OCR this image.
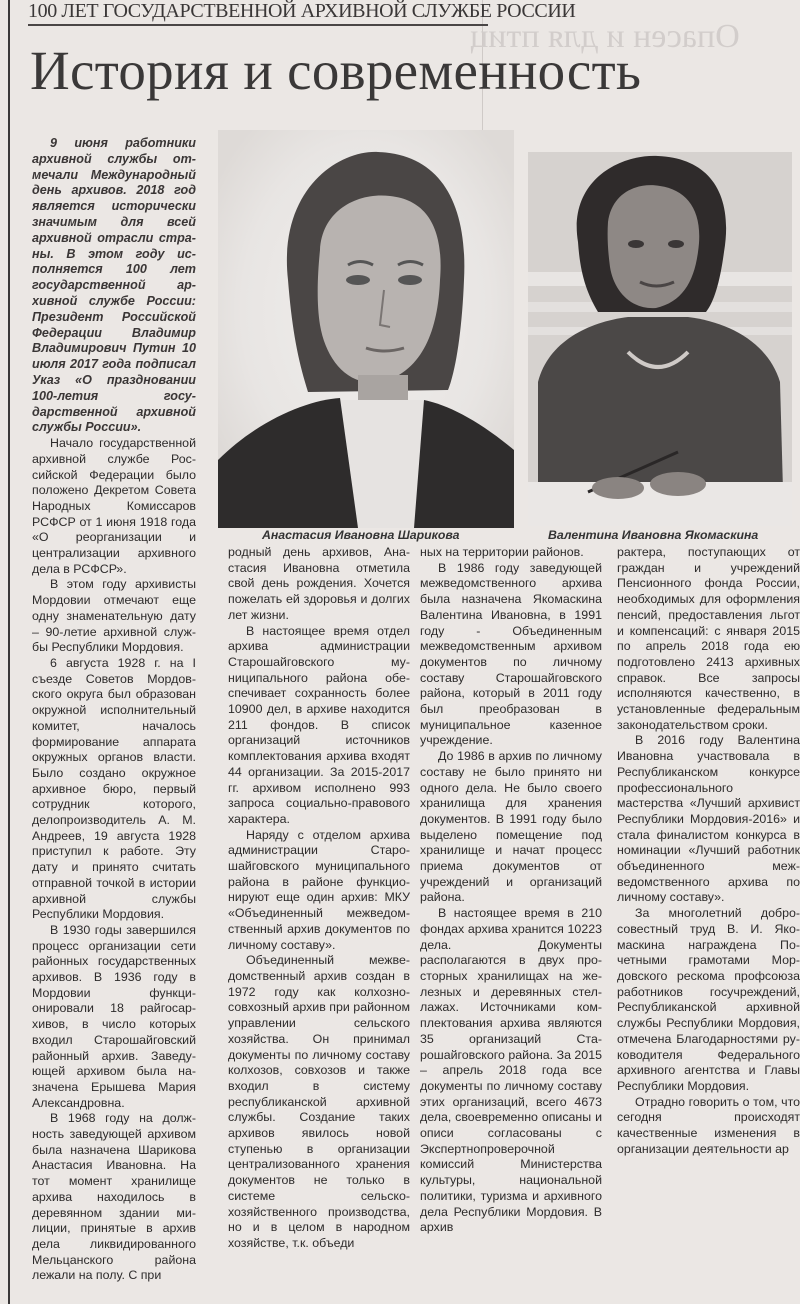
Опасен и для птиц
100 ЛЕТ ГОСУДАРСТВЕННОЙ АРХИВНОЙ СЛУЖБЕ РОССИИ
История и современность
Анастасия Ивановна Шарикова	Валентина Ивановна Якомаскина

9 июня работники архивной службы отмечали Международный день архивов. 2018 год является исторически значимым для всей архивной отрасли страны. В этом году исполняется 100 лет государственной архивной службе России: Президент Российской Федерации Владимир Владимирович Путин 10 июля 2017 года подписал Указ «О праздновании 100-летия государственной архивной службы России».

Начало государственной архивной службе Российской Федерации было положено Декретом Совета Народных Комиссаров РСФСР от 1 июня 1918 года «О реорганизации и централизации архивного дела в РСФСР».

В этом году архивисты Мордовии отмечают еще одну знаменательную дату – 90-летие архивной службы Республики Мордовия.

6 августа 1928 г. на I съезде Советов Мордовского округа был образован окружной исполнительный комитет, началось формирование аппарата окружных органов власти. Было создано окружное архивное бюро, первый сотрудник которого, делопроизводитель А. М. Андреев, 19 августа 1928 приступил к работе. Эту дату и принято считать отправной точкой в истории архивной службы Республики Мордовия.

В 1930 годы завершился процесс организации сети районных государственных архивов. В 1936 году в Мордовии функционировали 18 райгосархивов, в число которых входил Старошайговский районный архив. Заведующей архивом была назначена Ерышева Мария Александровна.

В 1968 году на должность заведующей архивом была назначена Шарикова Анастасия Ивановна. На тот момент хранилище архива находилось в деревянном здании милиции, принятые в архив дела ликвидированного Мельцанского района лежали на полу. С при

родный день архивов, Анастасия Ивановна отметила свой день рождения. Хочется пожелать ей здоровья и долгих лет жизни.

В настоящее время отдел архива администрации Старошайговского муниципального района обеспечивает сохранность более 10900 дел, в архиве находится 211 фондов. В список организаций источников комплектования архива входят 44 организации. За 2015-2017 гг. архивом исполнено 993 запроса социально-правового характера.

Наряду с отделом архива администрации Старошайговского муниципального района в районе функционируют еще один архив: МКУ «Объединенный межведомственный архив документов по личному составу».

Объединенный межведомственный архив создан в 1972 году как колхозносовхозный архив при районном управлении сельского хозяйства. Он принимал документы по личному составу колхозов, совхозов и также входил в систему республиканской архивной службы. Создание таких архивов явилось новой ступенью в организации централизованного хранения документов не только в системе сельскохозяйственного производства, но и в целом в народном хозяйстве, т.к. объеди

ных на территории районов.

В 1986 году заведующей межведомственного архива была назначена Якомаскина Валентина Ивановна, в 1991 году - Объединенным межведомственным архивом документов по личному составу Старошайговского района, который в 2011 году был преобразован в муниципальное казенное учреждение.

До 1986 в архив по личному составу не было принято ни одного дела. Не было своего хранилища для хранения документов. В 1991 году было выделено помещение под хранилище и начат процесс приема документов от учреждений и организаций района.

В настоящее время в 210 фондах архива хранится 10223 дела. Документы располагаются в двух просторных хранилищах на железных и деревянных стеллажах. Источниками комплектования архива являются 35 организаций Старошайговского района. За 2015 – апрель 2018 года все документы по личному составу этих организаций, всего 4673 дела, своевременно описаны и описи согласованы с Экспертнопроверочной комиссий Министерства культуры, национальной политики, туризма и архивного дела Республики Мордовия. В архив

рактера, поступающих от граждан и учреждений Пенсионного фонда России, необходимых для оформления пенсий, предоставления льгот и компенсаций: с января 2015 по апрель 2018 года ею подготовлено 2413 архивных справок. Все запросы исполняются качественно, в установленные федеральным законодательством сроки.

В 2016 году Валентина Ивановна участвовала в Республиканском конкурсе профессионального мастерства «Лучший архивист Республики Мордовия-2016» и стала финалистом конкурса в номинации «Лучший работник объединенного межведомственного архива по личному составу».

За многолетний добросовестный труд В. И. Якомаскина награждена Почетными грамотами Мордовского рескома профсоюза работников госучреждений, Республиканской архивной службы Республики Мордовия, отмечена Благодарностями руководителя Федерального архивного агентства и Главы Республики Мордовия.

Отрадно говорить о том, что сегодня происходят качественные изменения в организации деятельности ар
